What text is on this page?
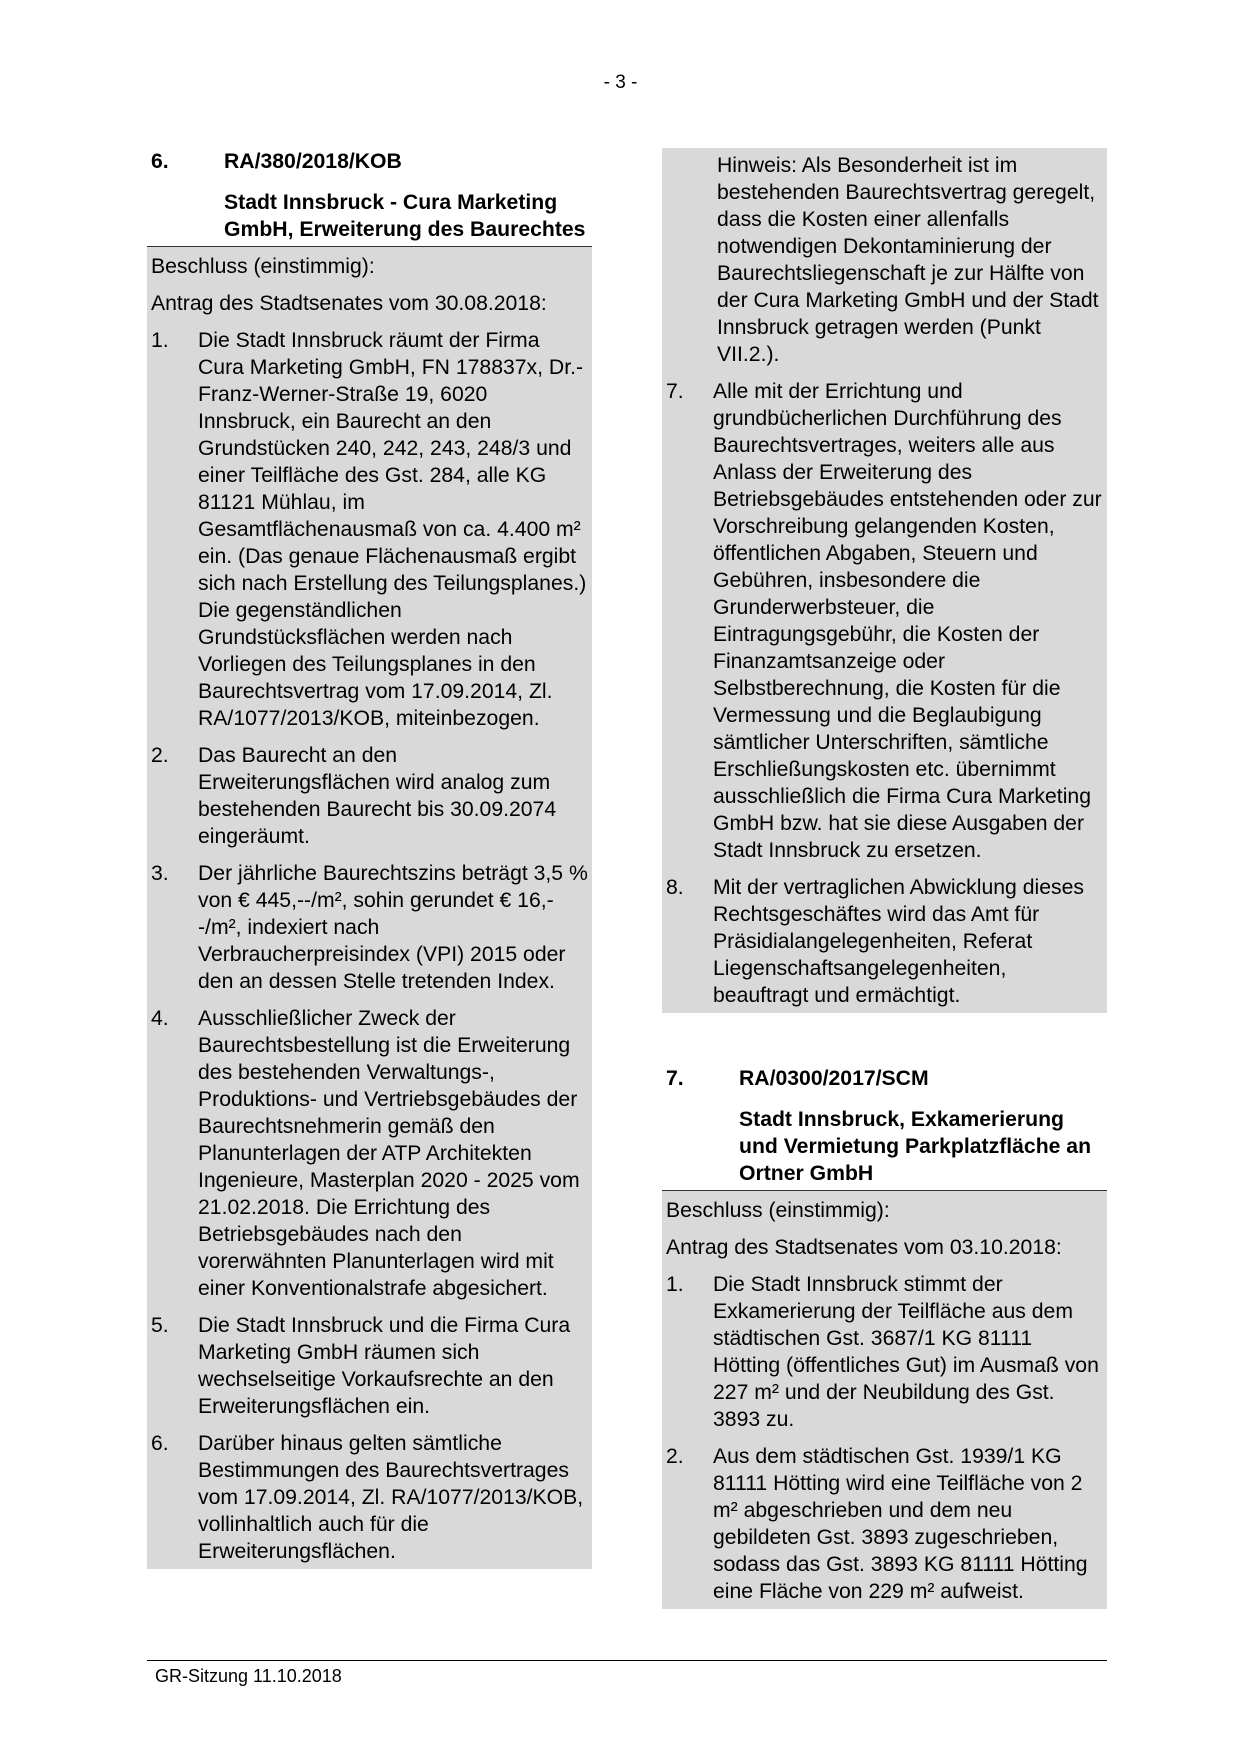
- 3 -
6.	RA/380/2018/KOB
Stadt Innsbruck - Cura Marketing GmbH, Erweiterung des Baurechtes
Beschluss (einstimmig):
Antrag des Stadtsenates vom 30.08.2018:
1. Die Stadt Innsbruck räumt der Firma Cura Marketing GmbH, FN 178837x, Dr.-Franz-Werner-Straße 19, 6020 Innsbruck, ein Baurecht an den Grundstücken 240, 242, 243, 248/3 und einer Teilfläche des Gst. 284, alle KG 81121 Mühlau, im Gesamtflächenausmaß von ca. 4.400 m² ein. (Das genaue Flächenausmaß ergibt sich nach Erstellung des Teilungsplanes.) Die gegenständlichen Grundstücksflächen werden nach Vorliegen des Teilungsplanes in den Baurechtsvertrag vom 17.09.2014, Zl. RA/1077/2013/KOB, miteinbezogen.
2. Das Baurecht an den Erweiterungsflächen wird analog zum bestehenden Baurecht bis 30.09.2074 eingeräumt.
3. Der jährliche Baurechtszins beträgt 3,5 % von € 445,--/m², sohin gerundet € 16,--/m², indexiert nach Verbraucherpreisindex (VPI) 2015 oder den an dessen Stelle tretenden Index.
4. Ausschließlicher Zweck der Baurechtsbestellung ist die Erweiterung des bestehenden Verwaltungs-, Produktions- und Vertriebsgebäudes der Baurechtsnehmerin gemäß den Planunterlagen der ATP Architekten Ingenieure, Masterplan 2020 - 2025 vom 21.02.2018. Die Errichtung des Betriebsgebäudes nach den vorerwähnten Planunterlagen wird mit einer Konventionalstrafe abgesichert.
5. Die Stadt Innsbruck und die Firma Cura Marketing GmbH räumen sich wechselseitige Vorkaufsrechte an den Erweiterungsflächen ein.
6. Darüber hinaus gelten sämtliche Bestimmungen des Baurechtsvertrages vom 17.09.2014, Zl. RA/1077/2013/KOB, vollinhaltlich auch für die Erweiterungsflächen.
Hinweis: Als Besonderheit ist im bestehenden Baurechtsvertrag geregelt, dass die Kosten einer allenfalls notwendigen Dekontaminierung der Baurechtsliegenschaft je zur Hälfte von der Cura Marketing GmbH und der Stadt Innsbruck getragen werden (Punkt VII.2.).
7. Alle mit der Errichtung und grundbücherlichen Durchführung des Baurechtsvertrages, weiters alle aus Anlass der Erweiterung des Betriebsgebäudes entstehenden oder zur Vorschreibung gelangenden Kosten, öffentlichen Abgaben, Steuern und Gebühren, insbesondere die Grunderwerbsteuer, die Eintragungsgebühr, die Kosten der Finanzamtsanzeige oder Selbstberechnung, die Kosten für die Vermessung und die Beglaubigung sämtlicher Unterschriften, sämtliche Erschließungskosten etc. übernimmt ausschließlich die Firma Cura Marketing GmbH bzw. hat sie diese Ausgaben der Stadt Innsbruck zu ersetzen.
8. Mit der vertraglichen Abwicklung dieses Rechtsgeschäftes wird das Amt für Präsidialangelegenheiten, Referat Liegenschaftsangelegenheiten, beauftragt und ermächtigt.
7.	RA/0300/2017/SCM
Stadt Innsbruck, Exkamerierung und Vermietung Parkplatzfläche an Ortner GmbH
Beschluss (einstimmig):
Antrag des Stadtsenates vom 03.10.2018:
1. Die Stadt Innsbruck stimmt der Exkamerierung der Teilfläche aus dem städtischen Gst. 3687/1 KG 81111 Hötting (öffentliches Gut) im Ausmaß von 227 m² und der Neubildung des Gst. 3893 zu.
2. Aus dem städtischen Gst. 1939/1 KG 81111 Hötting wird eine Teilfläche von 2 m² abgeschrieben und dem neu gebildeten Gst. 3893 zugeschrieben, sodass das Gst. 3893 KG 81111 Hötting eine Fläche von 229 m² aufweist.
GR-Sitzung 11.10.2018
